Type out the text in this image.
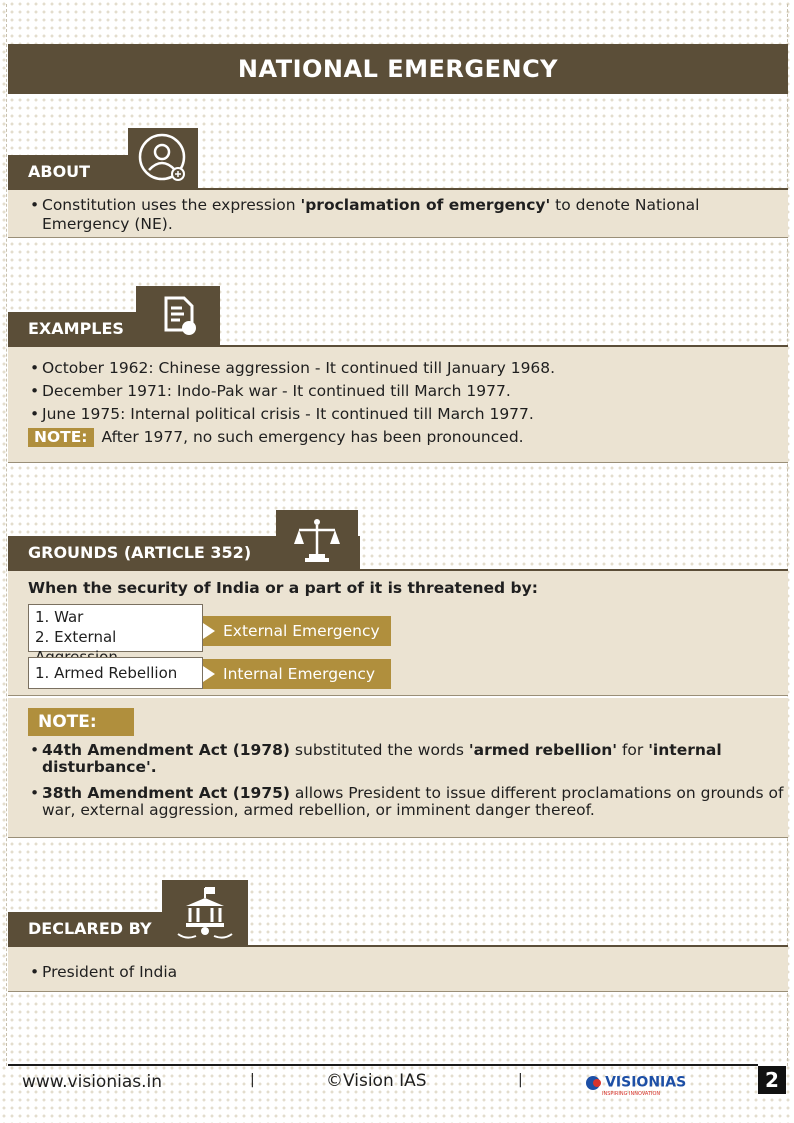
NATIONAL EMERGENCY
ABOUT
• Constitution uses the expression 'proclamation of emergency' to denote National Emergency (NE).
EXAMPLES
• October 1962: Chinese aggression - It continued till January 1968.
• December 1971: Indo-Pak war - It continued till March 1977.
• June 1975: Internal political crisis - It continued till March 1977.
NOTE: After 1977, no such emergency has been pronounced.
GROUNDS (ARTICLE 352)
When the security of India or a part of it is threatened by:
1. War
2. External	External Emergency
1. Armed Rebellion	Internal Emergency
NOTE:
• 44th Amendment Act (1978) substituted the words 'armed rebellion' for 'internal disturbance'.
• 38th Amendment Act (1975) allows President to issue different proclamations on grounds of war, external aggression, armed rebellion, or imminent danger thereof.
DECLARED BY
• President of India
www.visionias.in	|	©Vision IAS	|	VISIONIAS
INSPIRING INNOVATION
2
